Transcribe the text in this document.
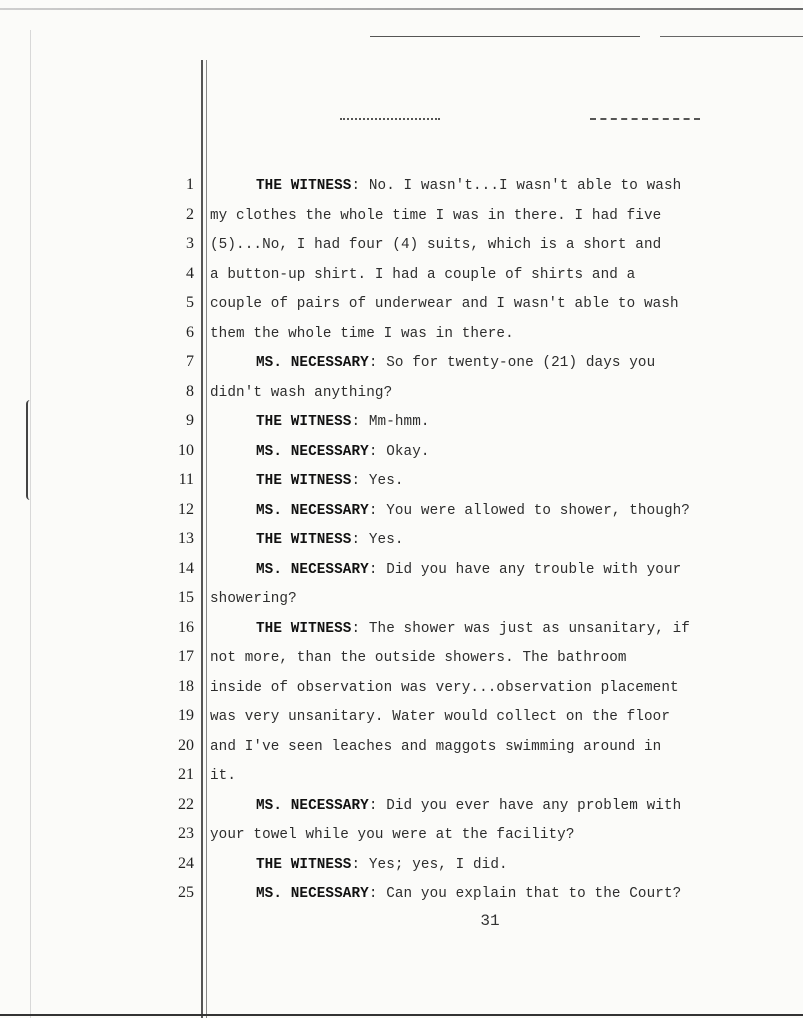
1	THE WITNESS: No. I wasn't...I wasn't able to wash
2 my clothes the whole time I was in there. I had five
3 (5)...No, I had four (4) suits, which is a short and
4 a button-up shirt. I had a couple of shirts and a
5 couple of pairs of underwear and I wasn't able to wash
6 them the whole time I was in there.
7	MS. NECESSARY: So for twenty-one (21) days you
8 didn't wash anything?
9	THE WITNESS: Mm-hmm.
10	MS. NECESSARY: Okay.
11	THE WITNESS: Yes.
12	MS. NECESSARY: You were allowed to shower, though?
13	THE WITNESS: Yes.
14	MS. NECESSARY: Did you have any trouble with your
15 showering?
16	THE WITNESS: The shower was just as unsanitary, if
17 not more, than the outside showers. The bathroom
18 inside of observation was very...observation placement
19 was very unsanitary. Water would collect on the floor
20 and I've seen leaches and maggots swimming around in
21 it.
22	MS. NECESSARY: Did you ever have any problem with
23 your towel while you were at the facility?
24	THE WITNESS: Yes; yes, I did.
25	MS. NECESSARY: Can you explain that to the Court?
31
